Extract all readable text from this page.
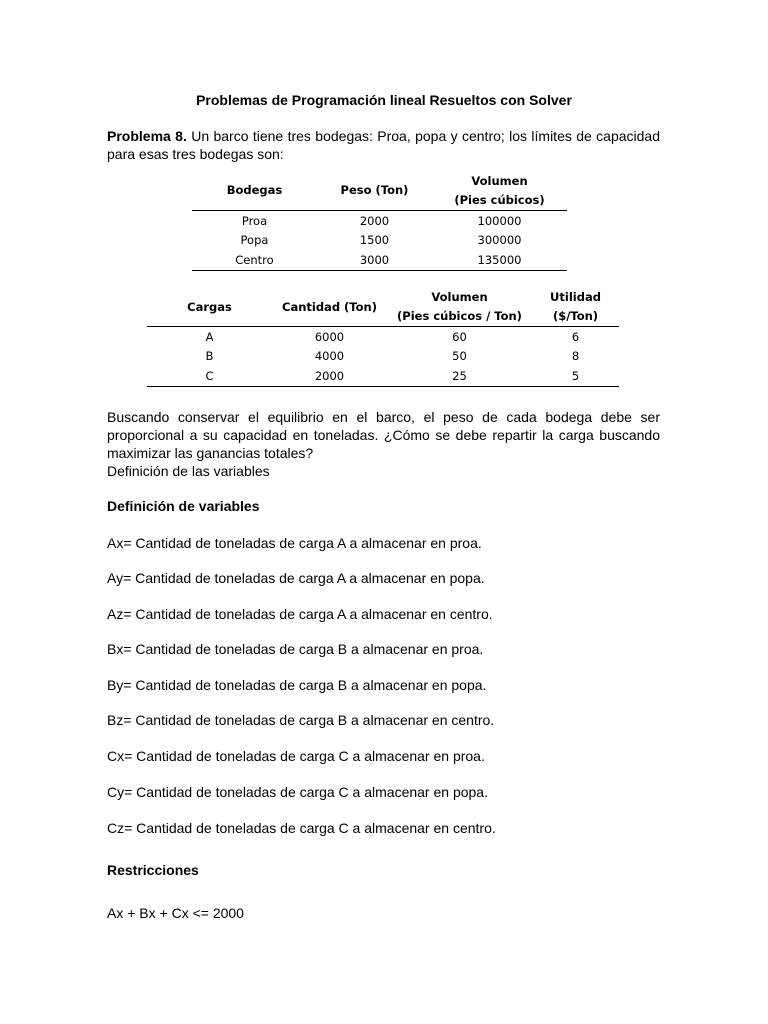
Problemas de Programación lineal Resueltos con Solver
Problema 8. Un barco tiene tres bodegas: Proa, popa y centro; los límites de capacidad para esas tres bodegas son:
Bodegas	Peso (Ton)	Volumen
(Pies cúbicos)
Proa	2000	100000
Popa	1500	300000
Centro	3000	135000
Cargas	Cantidad (Ton)	Volumen
(Pies cúbicos / Ton)	Utilidad
($/Ton)
A	6000	60	6
B	4000	50	8
C	2000	25	5
Buscando conservar el equilibrio en el barco, el peso de cada bodega debe ser proporcional a su capacidad en toneladas. ¿Cómo se debe repartir la carga buscando maximizar las ganancias totales?
Definición de las variables
Definición de variables
Ax= Cantidad de toneladas de carga A a almacenar en proa.
Ay= Cantidad de toneladas de carga A a almacenar en popa.
Az= Cantidad de toneladas de carga A a almacenar en centro.
Bx= Cantidad de toneladas de carga B a almacenar en proa.
By= Cantidad de toneladas de carga B a almacenar en popa.
Bz= Cantidad de toneladas de carga B a almacenar en centro.
Cx= Cantidad de toneladas de carga C a almacenar en proa.
Cy= Cantidad de toneladas de carga C a almacenar en popa.
Cz= Cantidad de toneladas de carga C a almacenar en centro.
Restricciones
Ax + Bx + Cx <= 2000
